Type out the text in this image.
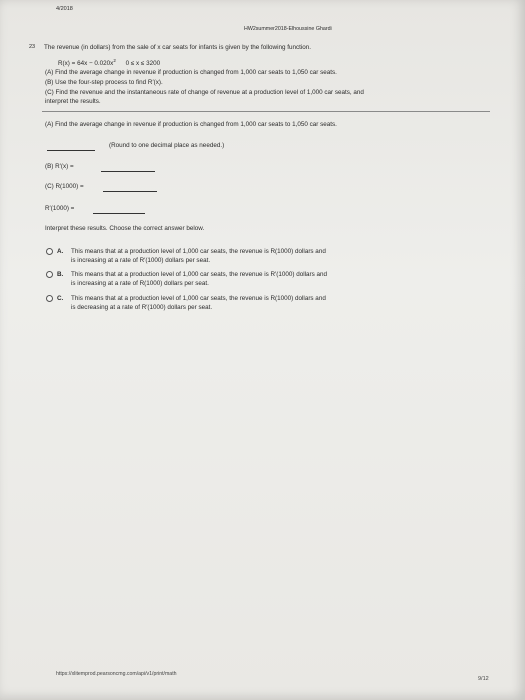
4/2018
HW2summer2018-Elhoussine Ghardi
23 The revenue (in dollars) from the sale of x car seats for infants is given by the following function.
$R(x) = 64x - 0.020x^2$ 0 ≤ x ≤ 3200
(A) Find the average change in revenue if production is changed from 1,000 car seats to 1,050 car seats.
(B) Use the four-step process to find R′(x).
(C) Find the revenue and the instantaneous rate of change of revenue at a production level of 1,000 car seats, and
interpret the results.
(A) Find the average change in revenue if production is changed from 1,000 car seats to 1,050 car seats.
(Round to one decimal place as needed.)
(B) R′(x) =
(C) R(1000) =
R′(1000) =
Interpret these results. Choose the correct answer below.
A. This means that at a production level of 1,000 car seats, the revenue is R(1000) dollars and
is increasing at a rate of R′(1000) dollars per seat.
B. This means that at a production level of 1,000 car seats, the revenue is R′(1000) dollars and
is increasing at a rate of R(1000) dollars per seat.
C. This means that at a production level of 1,000 car seats, the revenue is R(1000) dollars and
is decreasing at a rate of R′(1000) dollars per seat.
https://xlitemprod.pearsoncmg.com/api/v1/print/math
9/12
